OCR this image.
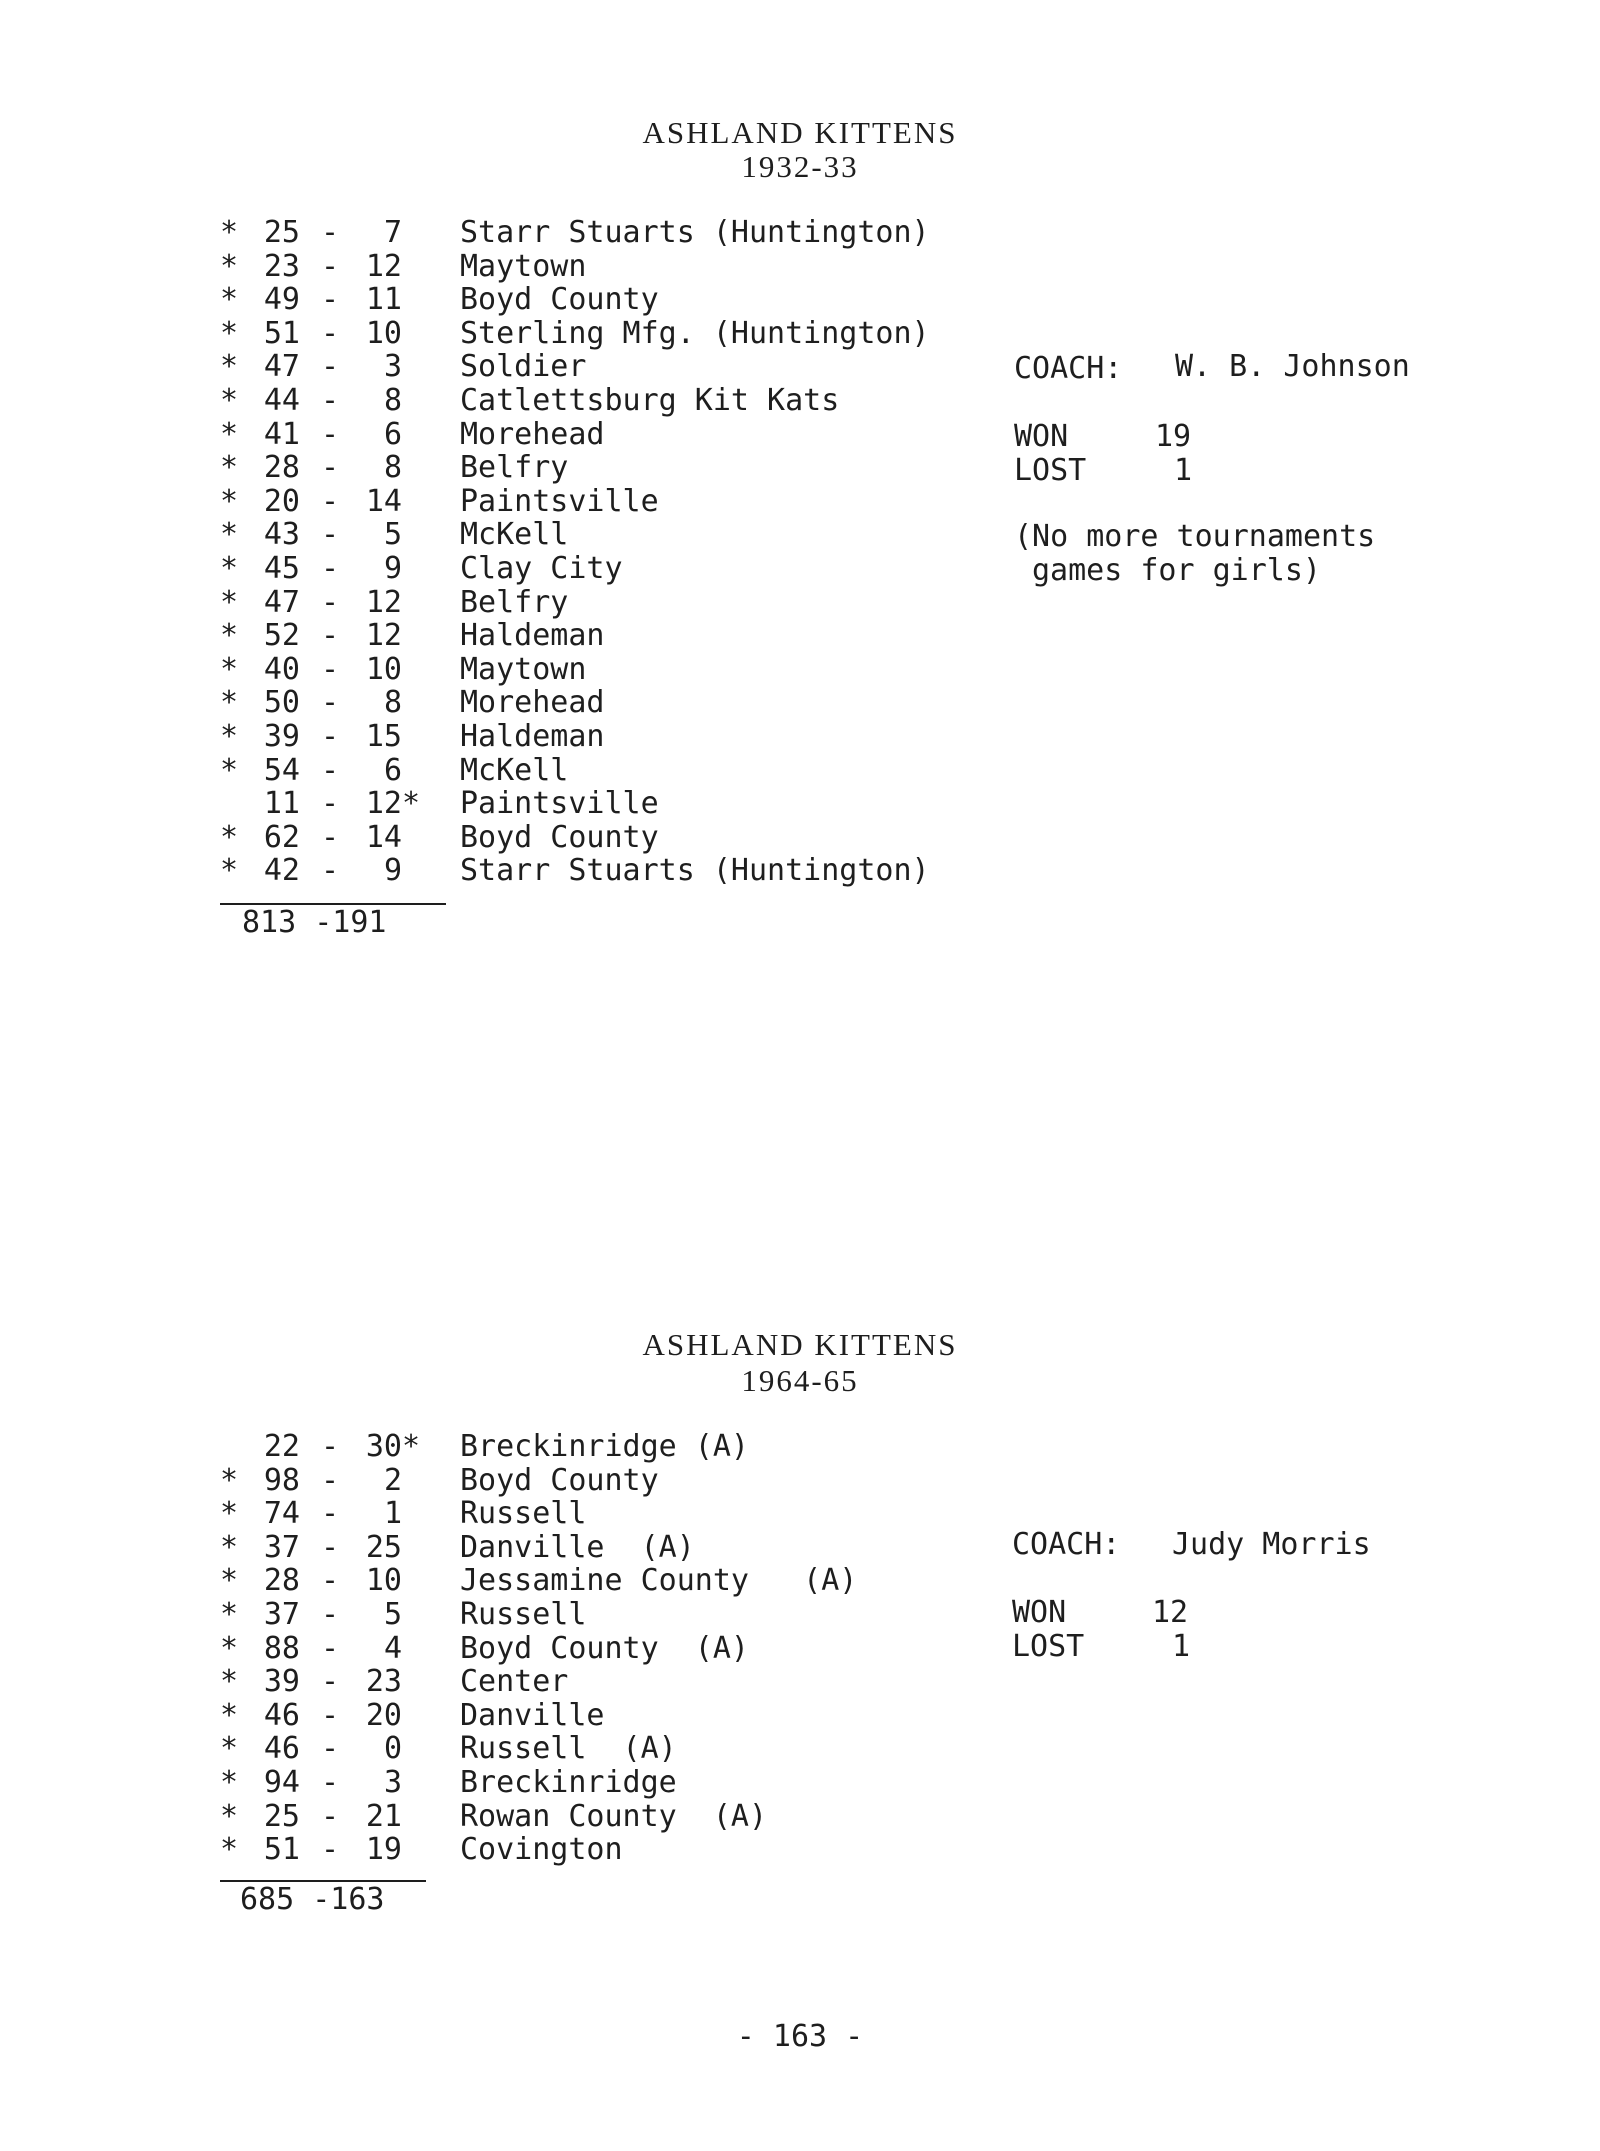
ASHLAND KITTENS
1932-33
* 25 -	7 Starr Stuarts (Huntington)
* 23 - 12 Maytown
* 49 - 11 Boyd County
* 51 - 10 Sterling Mfg. (Huntington)
* 47 -	3 Soldier
* 44 -	8 Catlettsburg Kit Kats
* 41 -	6 Morehead
* 28 -	8 Belfry
* 20 - 14 Paintsville
* 43 -	5 McKell
* 45 -	9 Clay City
* 47 - 12 Belfry
* 52 - 12 Haldeman
* 40 - 10 Maytown
* 50 -	8 Morehead
* 39 - 15 Haldeman
* 54 -	6 McKell
11 - 12 * Paintsville
* 62 - 14 Boyd County
* 42 -	9 Starr Stuarts (Huntington)
813 -191
COACH: W. B. Johnson
WON	19
LOST	1
(No more tournaments
games for girls)
ASHLAND KITTENS
1964-65
22 - 30 * Breckinridge (A)
* 98 -	2 Boyd County
* 74 -	1 Russell
* 37 - 25 Danville  (A)
* 28 - 10 Jessamine County   (A)
* 37 -	5 Russell
* 88 -	4 Boyd County  (A)
* 39 - 23 Center
* 46 - 20 Danville
* 46 -	0 Russell  (A)
* 94 -	3 Breckinridge
* 25 - 21 Rowan County  (A)
* 51 - 19 Covington
685 -163
COACH: Judy Morris
WON	12
LOST	1
- 163 -
